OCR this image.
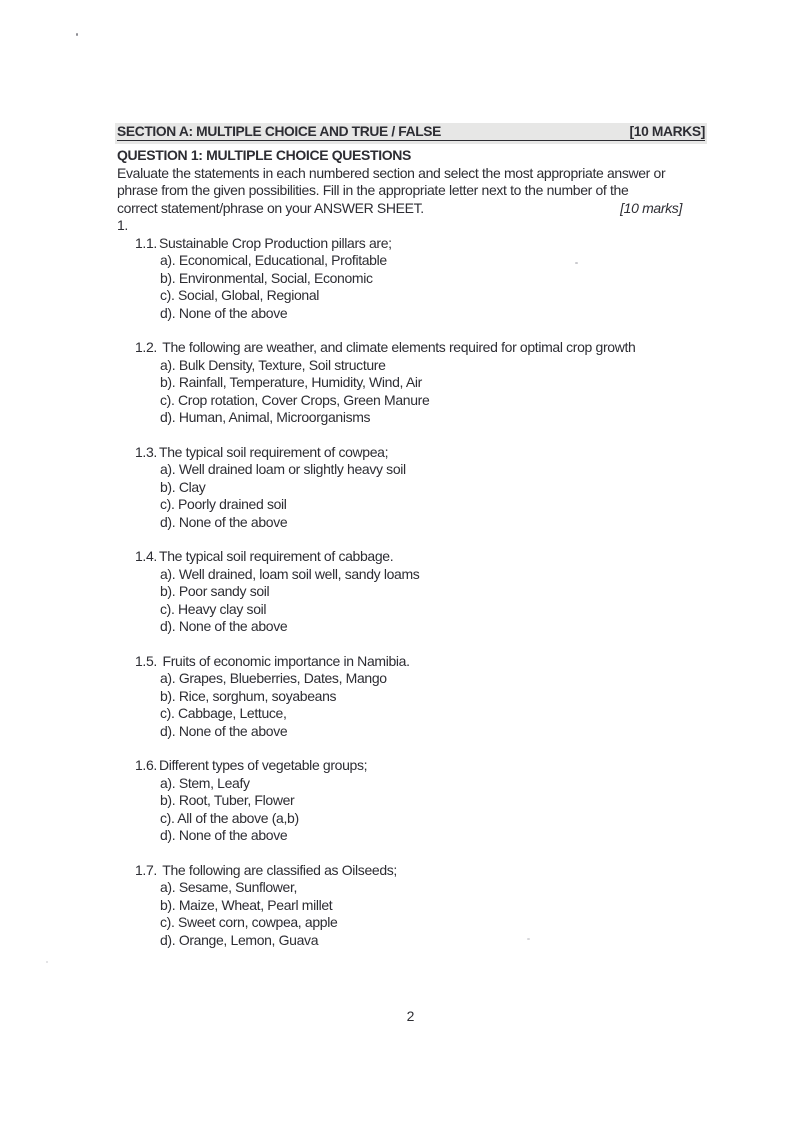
SECTION A: MULTIPLE CHOICE AND TRUE / FALSE	[10 MARKS]
QUESTION 1: MULTIPLE CHOICE QUESTIONS
Evaluate the statements in each numbered section and select the most appropriate answer or
phrase from the given possibilities. Fill in the appropriate letter next to the number of the
correct statement/phrase on your ANSWER SHEET.	[10 marks]
1.
1.1. Sustainable Crop Production pillars are;
a). Economical, Educational, Profitable
b). Environmental, Social, Economic
c). Social, Global, Regional
d). None of the above
1.2. The following are weather, and climate elements required for optimal crop growth
a). Bulk Density, Texture, Soil structure
b). Rainfall, Temperature, Humidity, Wind, Air
c). Crop rotation, Cover Crops, Green Manure
d). Human, Animal, Microorganisms
1.3. The typical soil requirement of cowpea;
a). Well drained loam or slightly heavy soil
b). Clay
c). Poorly drained soil
d). None of the above
1.4. The typical soil requirement of cabbage.
a). Well drained, loam soil well, sandy loams
b). Poor sandy soil
c). Heavy clay soil
d). None of the above
1.5. Fruits of economic importance in Namibia.
a). Grapes, Blueberries, Dates, Mango
b). Rice, sorghum, soyabeans
c). Cabbage, Lettuce,
d). None of the above
1.6. Different types of vegetable groups;
a). Stem, Leafy
b). Root, Tuber, Flower
c). All of the above (a,b)
d). None of the above
1.7. The following are classified as Oilseeds;
a). Sesame, Sunflower,
b). Maize, Wheat, Pearl millet
c). Sweet corn, cowpea, apple
d). Orange, Lemon, Guava
2
